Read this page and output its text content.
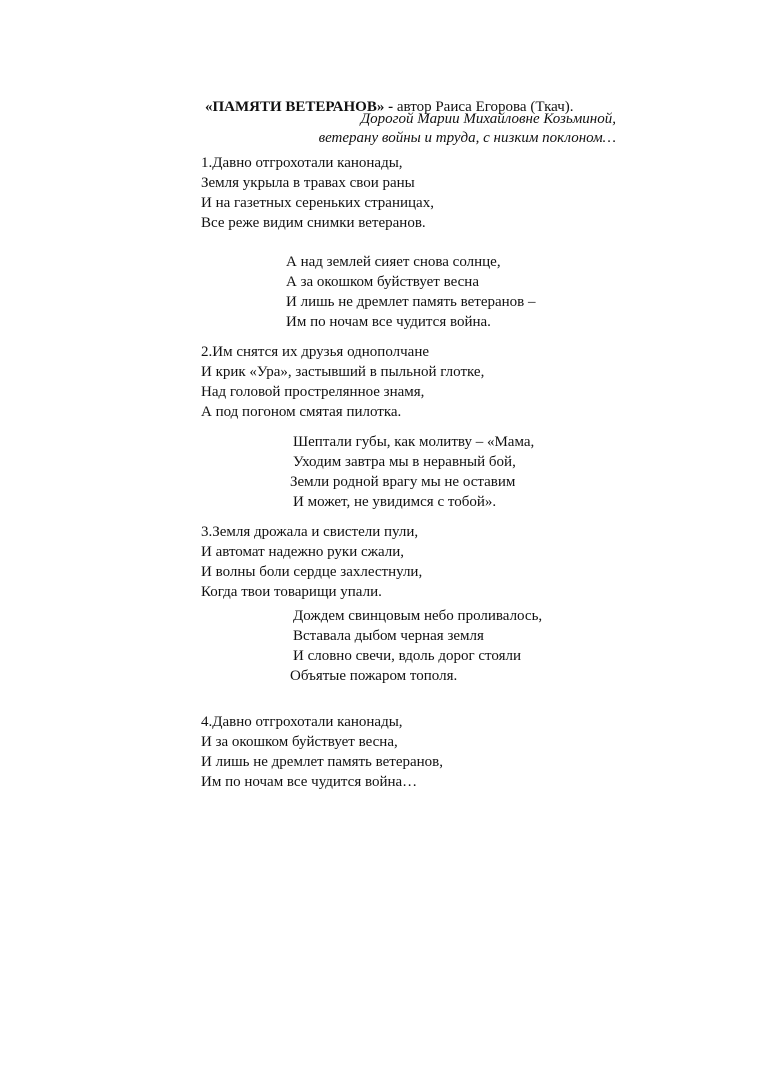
«ПАМЯТИ ВЕТЕРАНОВ» - автор Раиса Егорова (Ткач).
Дорогой Марии Михайловне Козьминой,
ветерану войны и труда, с низким поклоном…
1.Давно отгрохотали канонады,
Земля укрыла в травах свои раны
И на газетных сереньких страницах,
Все реже видим снимки ветеранов.
А над землей сияет снова солнце,
А за окошком буйствует весна
И лишь не дремлет память ветеранов –
Им по ночам все чудится война.
2.Им снятся их друзья однополчане
И крик «Ура», застывший в пыльной глотке,
Над головой прострелянное знамя,
А под погоном смятая пилотка.
Шептали губы, как молитву – «Мама,
Уходим завтра мы в неравный бой,
Земли родной врагу мы не оставим
И может, не увидимся с тобой».
3.Земля дрожала и свистели пули,
И автомат надежно руки сжали,
И волны боли сердце захлестнули,
Когда твои товарищи упали.
Дождем свинцовым небо проливалось,
Вставала дыбом черная земля
И словно свечи, вдоль дорог стояли
Объятые пожаром тополя.
4.Давно отгрохотали канонады,
И за окошком буйствует весна,
И лишь не дремлет память ветеранов,
Им по ночам все чудится война…
